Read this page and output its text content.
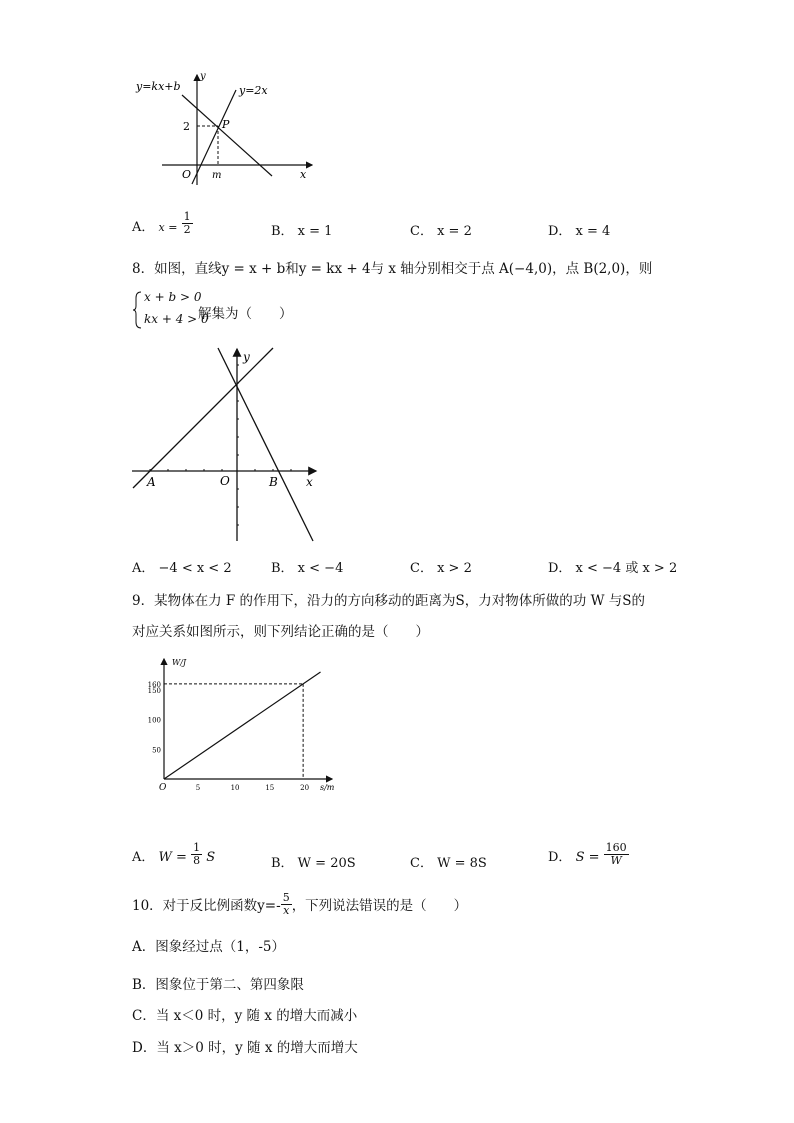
y=kx+b	y=2x
y
x
O
P
2
m
A． $x = \frac{1}{2}$	B． x = 1	C． x = 2	D． x = 4
8．如图，直线y = x + b和y = kx + 4与 x 轴分别相交于点 A(−4,0)，点 B(2,0)，则
x + b > 0
kx + 4 > 0
解集为（　　）
y
x
O
A	B
A． −4 < x < 2	B． x < −4	C． x > 2	D． x < −4 或 x > 2
9．某物体在力 F 的作用下，沿力的方向移动的距离为S，力对物体所做的功 W 与S的
对应关系如图所示，则下列结论正确的是（　　）
W/J
s/m
O	5	10	15	20
50
100
150
160
A． $W = \frac{1}{8}$ S	B． W = 20S	C． W = 8S	D． $S = \frac{160}{W}$
10．对于反比例函数$y=- \frac{5}{x}$ ，下列说法错误的是（　　）
A．图象经过点（1，-5）
B．图象位于第二、第四象限
C．当 x＜0 时，y 随 x 的增大而减小
D．当 x＞0 时，y 随 x 的增大而增大
